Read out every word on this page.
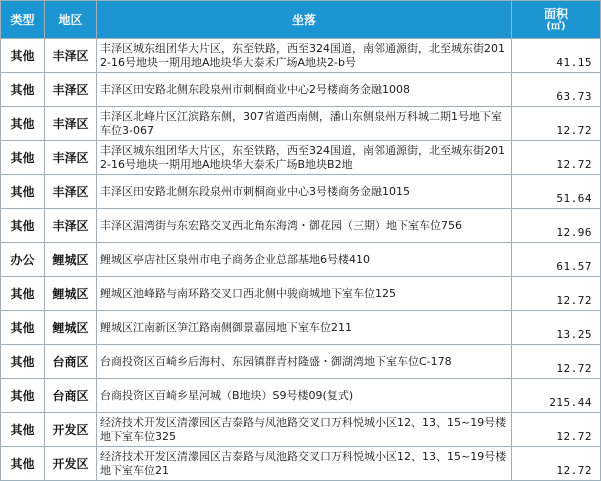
类型	地区	坐落	面积
(㎡)

其他	丰泽区	丰泽区城东组团华大片区，东至铁路，西至324国道，南邻通源街，北至城东街2012-16号地块一期用地A地块华大泰禾广场A地块2-b号	41.15
其他	丰泽区	丰泽区田安路北侧东段泉州市刺桐商业中心2号楼商务金融1008	63.73
其他	丰泽区	丰泽区北峰片区江滨路东侧，307省道西南侧，潘山东侧泉州万科城二期1号地下室车位3-067	12.72
其他	丰泽区	丰泽区城东组团华大片区，东至铁路，西至324国道，南邻通源街，北至城东街2012-16号地块一期用地A地块华大泰禾广场B地块B2地	12.72
其他	丰泽区	丰泽区田安路北侧东段泉州市刺桐商业中心3号楼商务金融1015	51.64
其他	丰泽区	丰泽区湄湾街与东宏路交叉西北角东海湾・御花园（三期）地下室车位756	12.96
办公	鲤城区	鲤城区亭店社区泉州市电子商务企业总部基地6号楼410	61.57
其他	鲤城区	鲤城区池峰路与南环路交叉口西北侧中骏商城地下室车位125	12.72
其他	鲤城区	鲤城区江南新区笋江路南侧御景嘉园地下室车位211	13.25
其他	台商区	台商投资区百崎乡后海村、东园镇群青村隆盛・御湖湾地下室车位C-178	12.72
其他	台商区	台商投资区百崎乡星河城（B地块）S9号楼09(复式)	215.44
其他	开发区	经济技术开发区清濛园区吉泰路与凤池路交叉口万科悦城小区12、13、15~19号楼地下室车位325	12.72
其他	开发区	经济技术开发区清濛园区吉泰路与凤池路交叉口万科悦城小区12、13、15~19号楼地下室车位21	12.72
